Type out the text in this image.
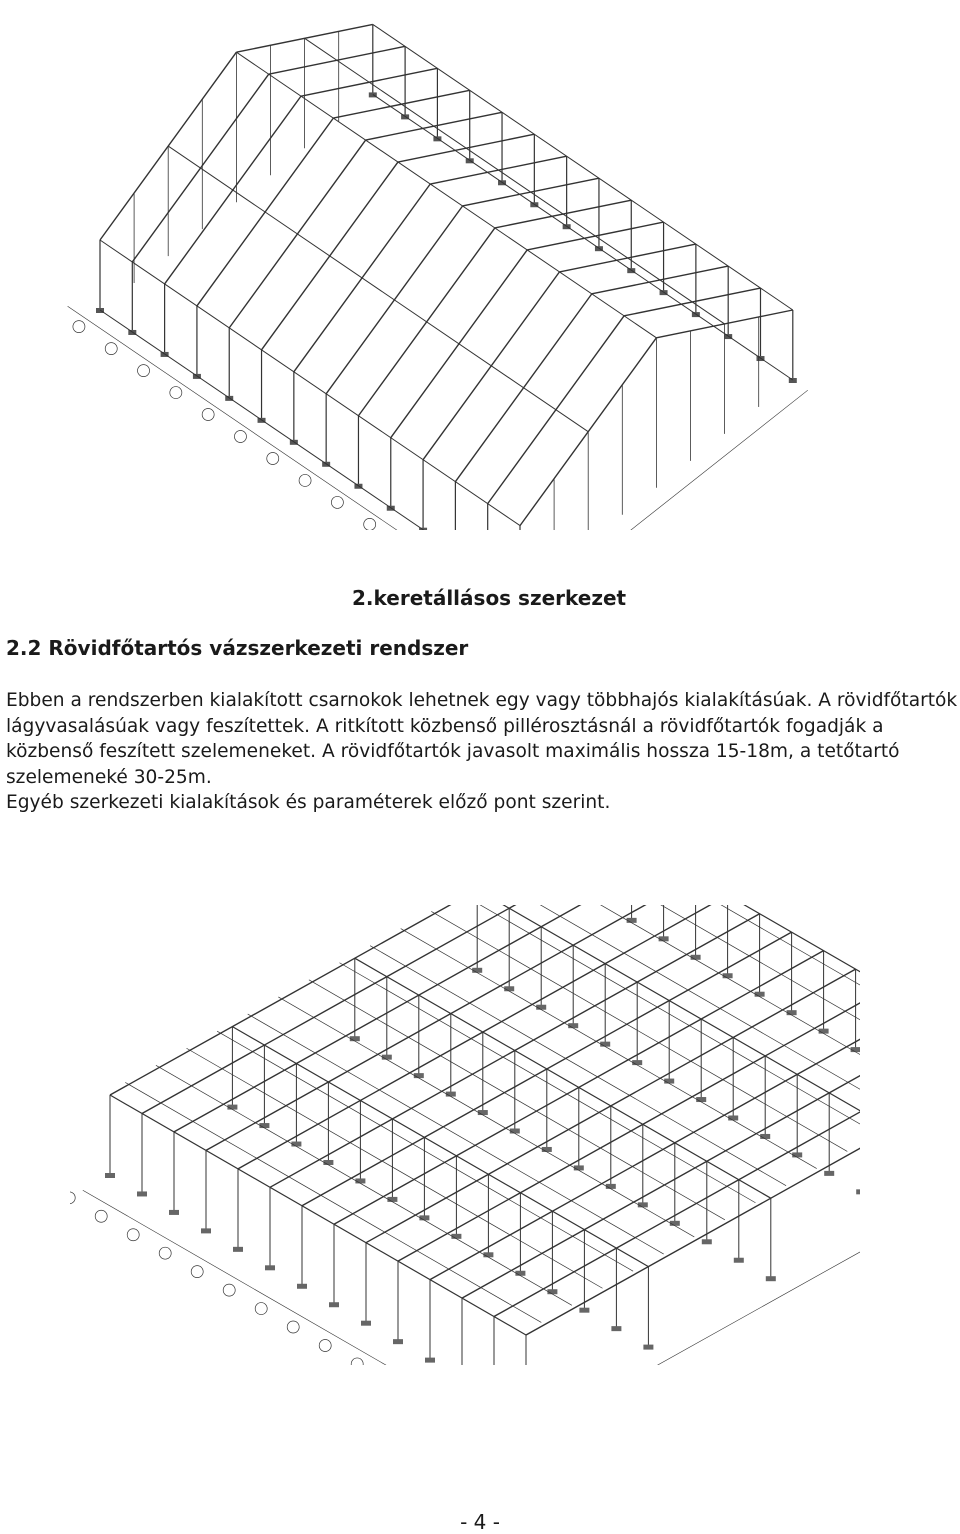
2.keretállásos szerkezet

2.2 Rövidfőtartós vázszerkezeti rendszer

Ebben a rendszerben kialakított csarnokok lehetnek egy vagy többhajós kialakításúak. A rövidfőtartók lágyvasalásúak vagy feszítettek. A ritkított közbenső pillérosztásnál a rövidfőtartók fogadják a közbenső feszített szelemeneket. A rövidfőtartók javasolt maximális hossza 15-18m, a tetőtartó szelemeneké 30-25m.

Egyéb szerkezeti kialakítások és paraméterek előző pont szerint.

- 4 -
